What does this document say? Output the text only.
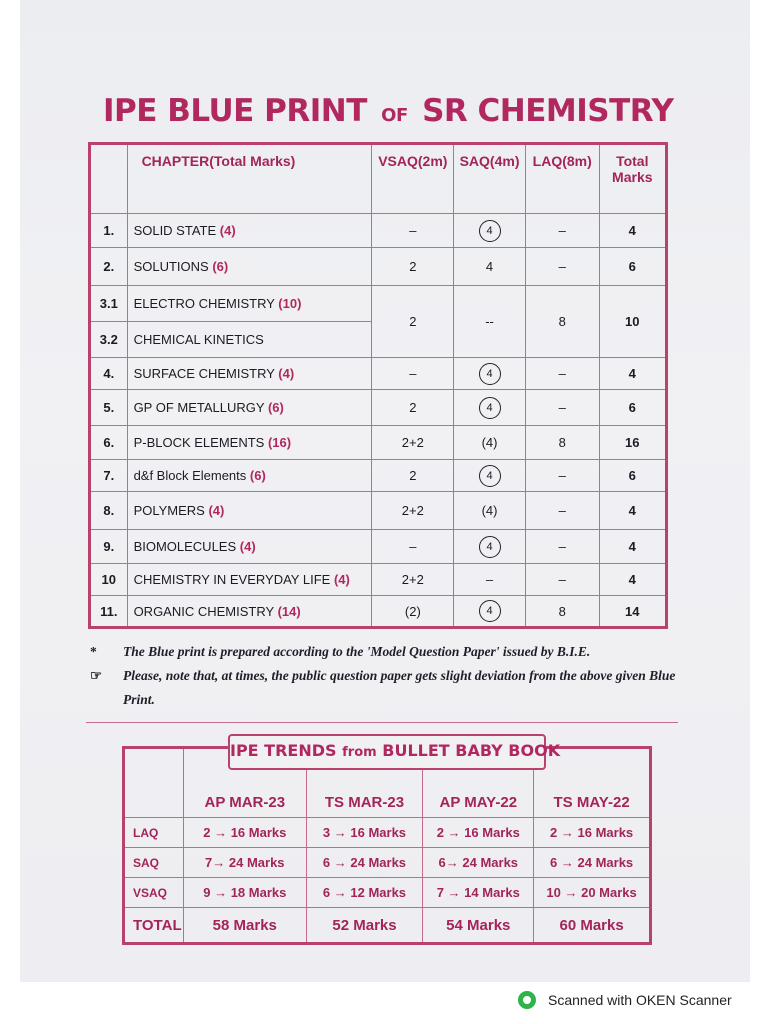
IPE BLUE PRINT OF SR CHEMISTRY
	CHAPTER(Total Marks)	VSAQ(2m)	SAQ(4m)	LAQ(8m)	Total Marks
1.	SOLID STATE (4)	–	4	–	4
2.	SOLUTIONS (6)	2	4	–	6
3.1	ELECTRO CHEMISTRY (10)	2	--	8	10
3.2	CHEMICAL KINETICS				
4.	SURFACE CHEMISTRY (4)	–	4	–	4
5.	GP OF METALLURGY (6)	2	4	–	6
6.	P-BLOCK ELEMENTS (16)	2+2	(4)	8	16
7.	d&f Block Elements (6)	2	4	–	6
8.	POLYMERS (4)	2+2	(4)	–	4
9.	BIOMOLECULES (4)	–	4	–	4
10	CHEMISTRY IN EVERYDAY LIFE (4)	2+2	–	–	4
11.	ORGANIC CHEMISTRY (14)	(2)	4	8	14
*	The Blue print is prepared according to the 'Model Question Paper' issued by B.I.E.
☞	Please, note that, at times, the public question paper gets slight deviation from the above given Blue Print.
IPE TRENDS from BULLET BABY BOOK
	AP MAR-23	TS MAR-23	AP MAY-22	TS MAY-22
LAQ	2 → 16 Marks	3 → 16 Marks	2 → 16 Marks	2 → 16 Marks
SAQ	7→ 24 Marks	6 → 24 Marks	6→ 24 Marks	6 → 24 Marks
VSAQ	9 → 18 Marks	6 → 12 Marks	7 → 14 Marks	10 → 20 Marks
TOTAL	58 Marks	52 Marks	54 Marks	60 Marks
Scanned with OKEN Scanner
